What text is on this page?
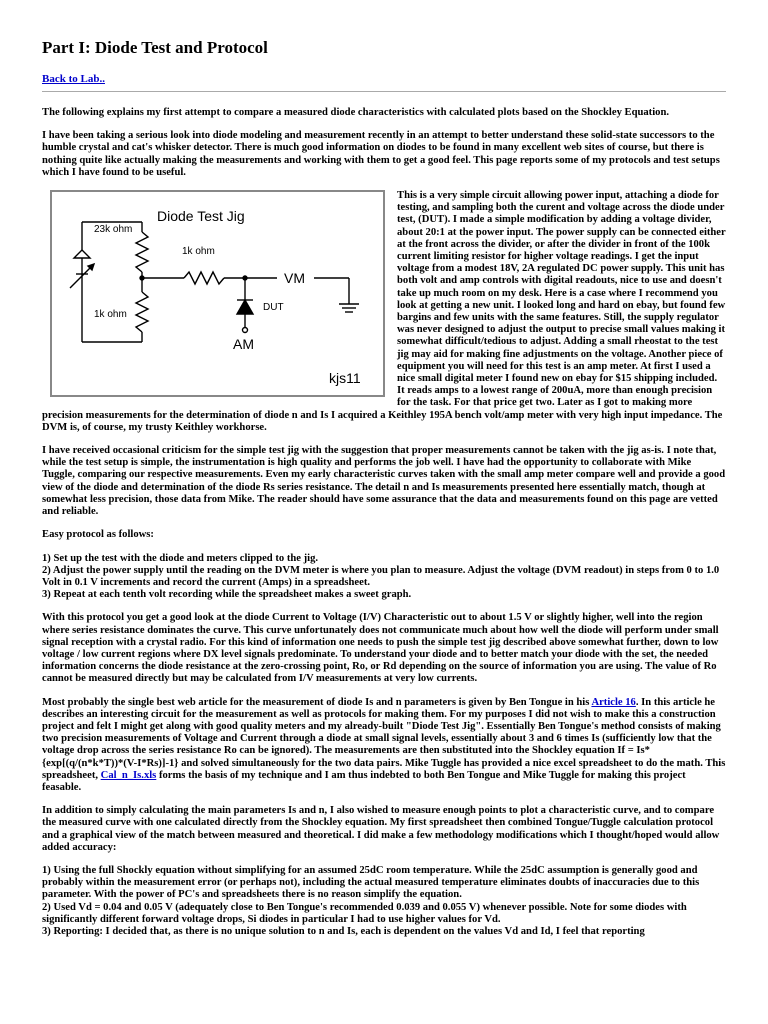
Part I: Diode Test and Protocol
Back to Lab..

The following explains my first attempt to compare a measured diode characteristics with calculated plots based on the Shockley Equation.

I have been taking a serious look into diode modeling and measurement recently in an attempt to better understand these solid-state successors to the humble crystal and cat's whisker detector. There is much good information on diodes to be found in many excellent web sites of course, but there is nothing quite like actually making the measurements and working with them to get a good feel. This page reports some of my protocols and test setups which I have found to be useful.

Diode Test Jig
23k ohm
1k ohm
1k ohm
VM
DUT
AM
kjs11

This is a very simple circuit allowing power input, attaching a diode for testing, and sampling both the curent and voltage across the diode under test, (DUT). I made a simple modification by adding a voltage divider, about 20:1 at the power input. The power supply can be connected either at the front across the divider, or after the divider in front of the 100k current limiting resistor for higher voltage readings. I get the input voltage from a modest 18V, 2A regulated DC power supply. This unit has both volt and amp controls with digital readouts, nice to use and doesn't take up much room on my desk. Here is a case where I recommend you look at getting a new unit. I looked long and hard on ebay, but found few bargins and few units with the same features. Still, the supply regulator was never designed to adjust the output to precise small values making it somewhat difficult/tedious to adjust. Adding a small rheostat to the test jig may aid for making fine adjustments on the voltage. Another piece of equipment you will need for this test is an amp meter. At first I used a nice small digital meter I found new on ebay for $15 shipping included. It reads amps to a lowest range of 200uA, more than enough precision for the task. For that price get two. Later as I got to making more precision measurements for the determination of diode n and Is I acquired a Keithley 195A bench volt/amp meter with very high input impedance. The DVM is, of course, my trusty Keithley workhorse.

I have received occasional criticism for the simple test jig with the suggestion that proper measurements cannot be taken with the jig as-is. I note that, while the test setup is simple, the instrumentation is high quality and performs the job well. I have had the opportunity to collaborate with Mike Tuggle, comparing our respective measurements. Even my early characteristic curves taken with the small amp meter compare well and provide a good view of the diode and determination of the diode Rs series resistance. The detail n and Is measurements presented here essentially match, though at somewhat less precision, those data from Mike. The reader should have some assurance that the data and measurements found on this page are vetted and reliable.

Easy protocol as follows:

1) Set up the test with the diode and meters clipped to the jig.
2) Adjust the power supply until the reading on the DVM meter is where you plan to measure. Adjust the voltage (DVM readout) in steps from 0 to 1.0 Volt in 0.1 V increments and record the current (Amps) in a spreadsheet.
3) Repeat at each tenth volt recording while the spreadsheet makes a sweet graph.

With this protocol you get a good look at the diode Current to Voltage (I/V) Characteristic out to about 1.5 V or slightly higher, well into the region where series resistance dominates the curve. This curve unfortunately does not communicate much about how well the diode will perform under small signal reception with a crystal radio. For this kind of information one needs to push the simple test jig described above somewhat further, down to low voltage / low current regions where DX level signals predominate. To understand your diode and to better match your diode with the set, the needed information concerns the diode resistance at the zero-crossing point, Ro, or Rd depending on the source of information you are using. The value of Ro cannot be measured directly but may be calculated from I/V measurements at very low currents.

Most probably the single best web article for the measurement of diode Is and n parameters is given by Ben Tongue in his Article 16. In this article he describes an interesting circuit for the measurement as well as protocols for making them. For my purposes I did not wish to make this a construction project and felt I might get along with good quality meters and my already-built "Diode Test Jig". Essentially Ben Tongue's method consists of making two precision measurements of Voltage and Current through a diode at small signal levels, essentially about 3 and 6 times Is (sufficiently low that the voltage drop across the series resistance Ro can be ignored). The measurements are then substituted into the Shockley equation If = Is*{exp[(q/(n*k*T))*(V-I*Rs)]-1} and solved simultaneously for the two data pairs. Mike Tuggle has provided a nice excel spreadsheet to do the math. This spreadsheet, Cal_n_Is.xls forms the basis of my technique and I am thus indebted to both Ben Tongue and Mike Tuggle for making this project feasable.

In addition to simply calculating the main parameters Is and n, I also wished to measure enough points to plot a characteristic curve, and to compare the measured curve with one calculated directly from the Shockley equation. My first spreadsheet then combined Tongue/Tuggle calculation protocol and a graphical view of the match between measured and theoretical. I did make a few methodology modifications which I thought/hoped would allow added accuracy:

1) Using the full Shockly equation without simplifying for an assumed 25dC room temperature. While the 25dC assumption is generally good and probably within the measurement error (or perhaps not), including the actual measured temperature eliminates doubts of inaccuracies due to this parameter. With the power of PC's and spreadsheets there is no reason simplify the equation.
2) Used Vd = 0.04 and 0.05 V (adequately close to Ben Tongue's recommended 0.039 and 0.055 V) whenever possible. Note for some diodes with significantly different forward voltage drops, Si diodes in particular I had to use higher values for Vd.
3) Reporting: I decided that, as there is no unique solution to n and Is, each is dependent on the values Vd and Id, I feel that reporting
